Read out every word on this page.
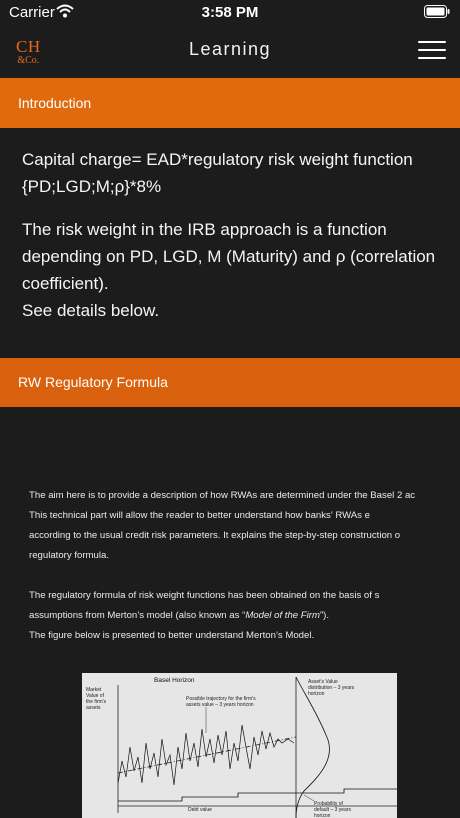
Carrier	3:58 PM
CH
&Co.
Learning
Introduction

Capital charge= EAD*regulatory risk weight function {PD;LGD;M;ρ}*8%

The risk weight in the IRB approach is a function depending on PD, LGD, M (Maturity) and ρ (correlation coefficient).

See details below.

RW Regulatory Formula
The aim here is to provide a description of how RWAs are determined under the Basel 2 ac
This technical part will allow the reader to better understand how banks' RWAs e
according to the usual credit risk parameters. It explains the step-by-step construction o
regulatory formula.
The regulatory formula of risk weight functions has been obtained on the basis of s
assumptions from Merton’s model (also known as “Model of the Firm”).
The figure below is presented to better understand Merton’s Model.
Basel Horizon
Market Value of the firm's assets
Possible trajectory for the firm's assets value – 3 years horizon
Asset's Value distribution – 3 years horizon
Debt value
Probability of default – 3 years horizon
